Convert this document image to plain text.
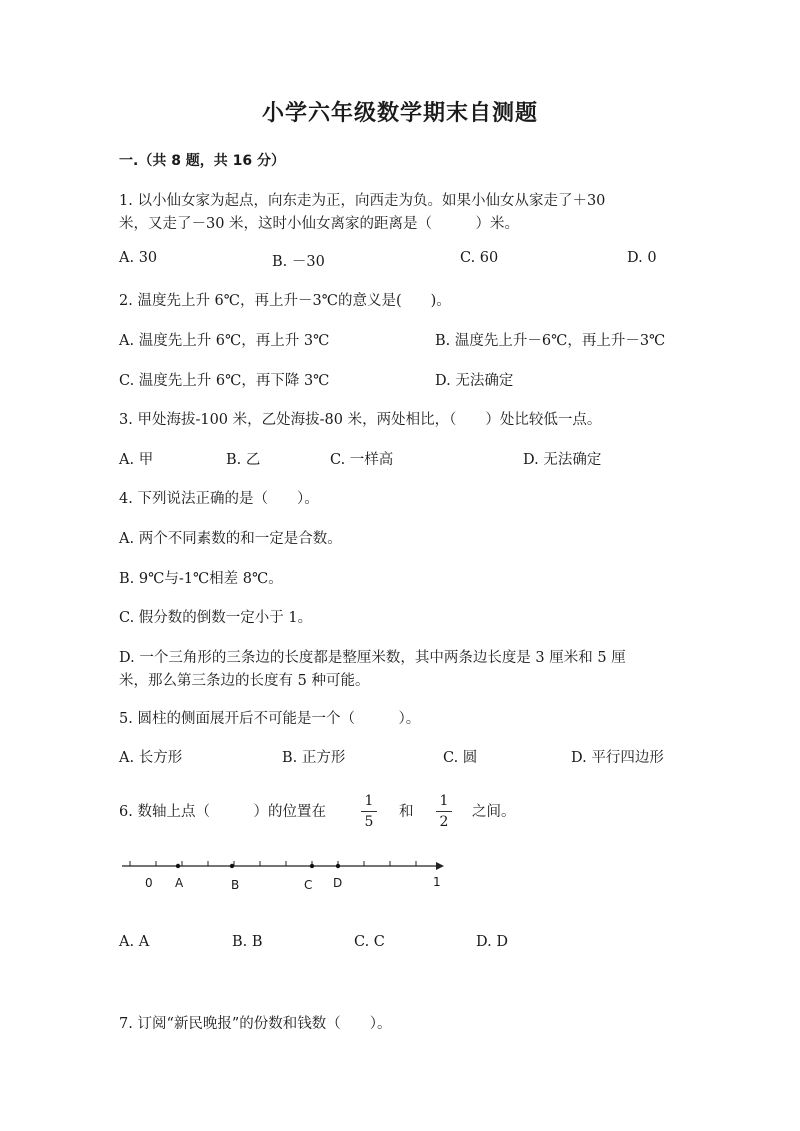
小学六年级数学期末自测题
一.（共 8 题，共 16 分）
1. 以小仙女家为起点，向东走为正，向西走为负。如果小仙女从家走了＋30
米，又走了－30 米，这时小仙女离家的距离是（　　　）米。
A. 30	B. －30	C. 60	D. 0
2. 温度先上升 6℃，再上升－3℃的意义是(　　)。
A. 温度先上升 6℃，再上升 3℃	B. 温度先上升－6℃，再上升－3℃
C. 温度先上升 6℃，再下降 3℃	D. 无法确定
3. 甲处海拔-100 米，乙处海拔-80 米，两处相比，（　　）处比较低一点。
A. 甲	B. 乙	C. 一样高	D. 无法确定
4. 下列说法正确的是（　　）。
A. 两个不同素数的和一定是合数。
B. 9℃与-1℃相差 8℃。
C. 假分数的倒数一定小于 1。
D. 一个三角形的三条边的长度都是整厘米数，其中两条边长度是 3 厘米和 5 厘
米，那么第三条边的长度有 5 种可能。
5. 圆柱的侧面展开后不可能是一个（　　　）。
A. 长方形	B. 正方形	C. 圆	D. 平行四边形
6. 数轴上点（　　　）的位置在
1
5
和
1
2
之间。
0 A	B	C D	1
A. A	B. B	C. C	D. D
7. 订阅“新民晚报”的份数和钱数（　　）。
